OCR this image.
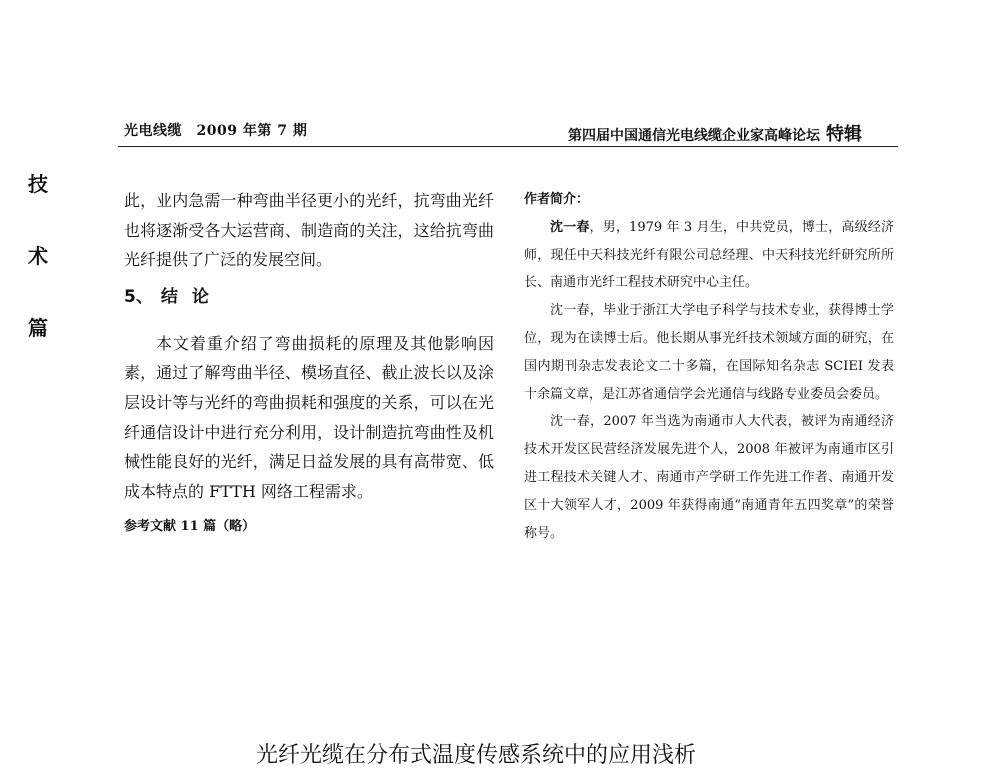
光电线缆　2009 年第 7 期	第四届中国通信光电线缆企业家高峰论坛 特辑
技
术
篇

此，业内急需一种弯曲半径更小的光纤，抗弯曲光纤也将逐渐受各大运营商、制造商的关注，这给抗弯曲光纤提供了广泛的发展空间。

5、 结 论

本文着重介绍了弯曲损耗的原理及其他影响因素，通过了解弯曲半径、模场直径、截止波长以及涂层设计等与光纤的弯曲损耗和强度的关系，可以在光纤通信设计中进行充分利用，设计制造抗弯曲性及机械性能良好的光纤，满足日益发展的具有高带宽、低成本特点的 FTTH 网络工程需求。

参考文献 11 篇（略）

作者简介：

沈一春，男，1979 年 3 月生，中共党员，博士，高级经济师，现任中天科技光纤有限公司总经理、中天科技光纤研究所所长、南通市光纤工程技术研究中心主任。

沈一春，毕业于浙江大学电子科学与技术专业，获得博士学位，现为在读博士后。他长期从事光纤技术领域方面的研究，在国内期刊杂志发表论文二十多篇，在国际知名杂志 SCIEI 发表十余篇文章，是江苏省通信学会光通信与线路专业委员会委员。

沈一春，2007 年当选为南通市人大代表，被评为南通经济技术开发区民营经济发展先进个人，2008 年被评为南通市区引进工程技术关键人才、南通市产学研工作先进工作者、南通开发区十大领军人才，2009 年获得南通“南通青年五四奖章”的荣誉称号。

光纤光缆在分布式温度传感系统中的应用浅析
